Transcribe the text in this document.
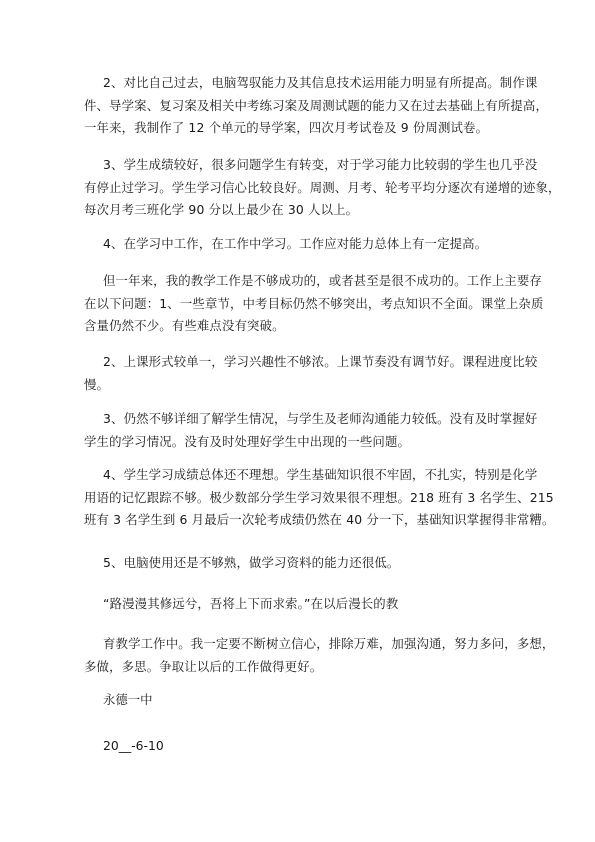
2、对比自己过去，电脑驾驭能力及其信息技术运用能力明显有所提高。制作课
件、导学案、复习案及相关中考练习案及周测试题的能力又在过去基础上有所提高，
一年来，我制作了 12 个单元的导学案，四次月考试卷及 9 份周测试卷。

3、学生成绩较好，很多问题学生有转变，对于学习能力比较弱的学生也几乎没
有停止过学习。学生学习信心比较良好。周测、月考、轮考平均分逐次有递增的迹象，
每次月考三班化学 90 分以上最少在 30 人以上。

4、在学习中工作，在工作中学习。工作应对能力总体上有一定提高。

但一年来，我的教学工作是不够成功的，或者甚至是很不成功的。工作上主要存
在以下问题：1、一些章节，中考目标仍然不够突出，考点知识不全面。课堂上杂质
含量仍然不少。有些难点没有突破。

2、上课形式较单一，学习兴趣性不够浓。上课节奏没有调节好。课程进度比较
慢。

3、仍然不够详细了解学生情况，与学生及老师沟通能力较低。没有及时掌握好
学生的学习情况。没有及时处理好学生中出现的一些问题。

4、学生学习成绩总体还不理想。学生基础知识很不牢固，不扎实，特别是化学
用语的记忆跟踪不够。极少数部分学生学习效果很不理想。218 班有 3 名学生、215
班有 3 名学生到 6 月最后一次轮考成绩仍然在 40 分一下，基础知识掌握得非常糟。

5、电脑使用还是不够熟，做学习资料的能力还很低。

“路漫漫其修远兮，吾将上下而求索。”在以后漫长的教

育教学工作中。我一定要不断树立信心，排除万难，加强沟通，努力多问，多想，
多做，多思。争取让以后的工作做得更好。

永德一中

20__-6-10
